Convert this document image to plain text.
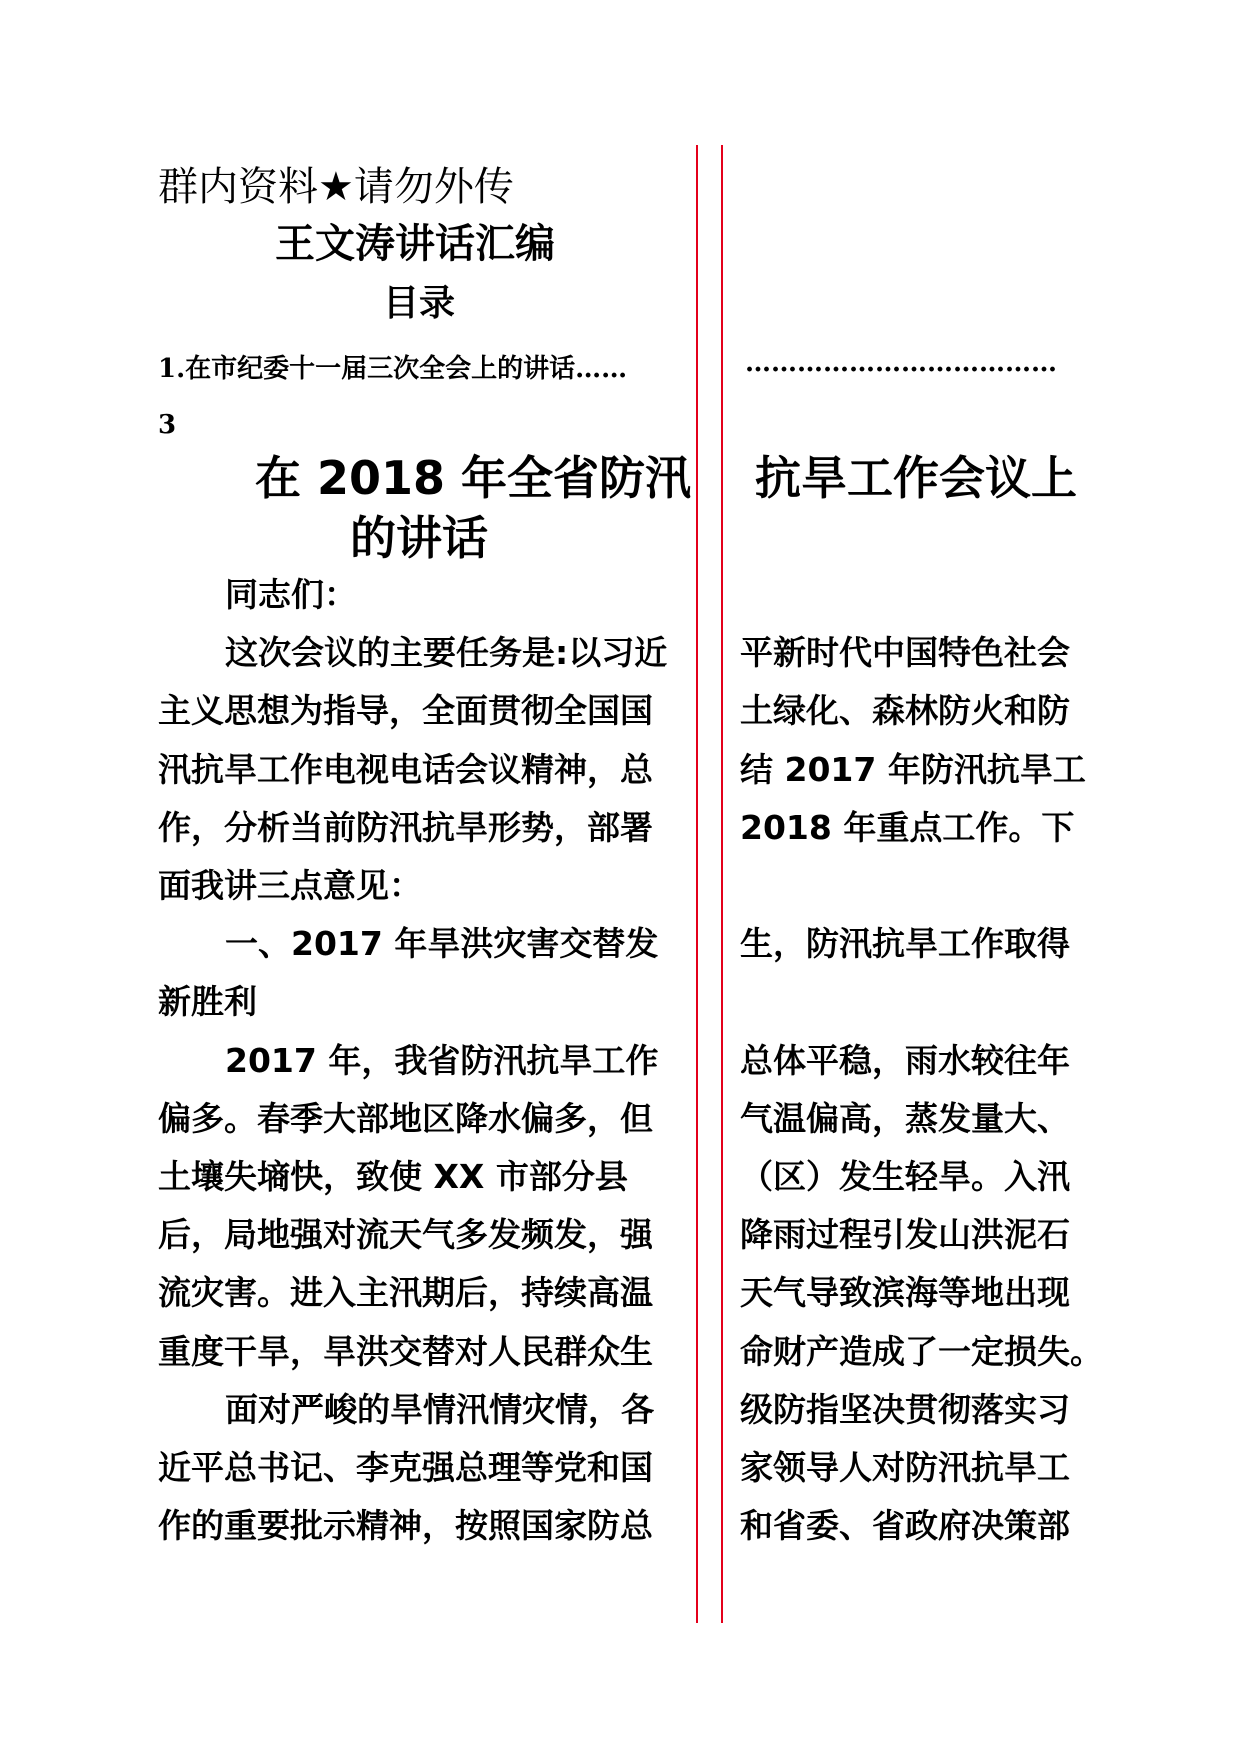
群内资料★请勿外传
王文涛讲话汇编
目录
1.在市纪委十一届三次全会上的讲话……	………………………………
3
在 2018 年全省防汛
的讲话
抗旱工作会议上
同志们：
这次会议的主要任务是:以习近
主义思想为指导，全面贯彻全国国
汛抗旱工作电视电话会议精神，总
作，分析当前防汛抗旱形势，部署
面我讲三点意见：
一、2017 年旱洪灾害交替发
新胜利
2017 年，我省防汛抗旱工作
偏多。春季大部地区降水偏多，但
土壤失墒快，致使 XX 市部分县
后，局地强对流天气多发频发，强
流灾害。进入主汛期后，持续高温
重度干旱，旱洪交替对人民群众生
面对严峻的旱情汛情灾情，各
近平总书记、李克强总理等党和国
作的重要批示精神，按照国家防总
平新时代中国特色社会
土绿化、森林防火和防
结 2017 年防汛抗旱工
2018 年重点工作。下
生，防汛抗旱工作取得
总体平稳，雨水较往年
气温偏高，蒸发量大、
（区）发生轻旱。入汛
降雨过程引发山洪泥石
天气导致滨海等地出现
命财产造成了一定损失。
级防指坚决贯彻落实习
家领导人对防汛抗旱工
和省委、省政府决策部
